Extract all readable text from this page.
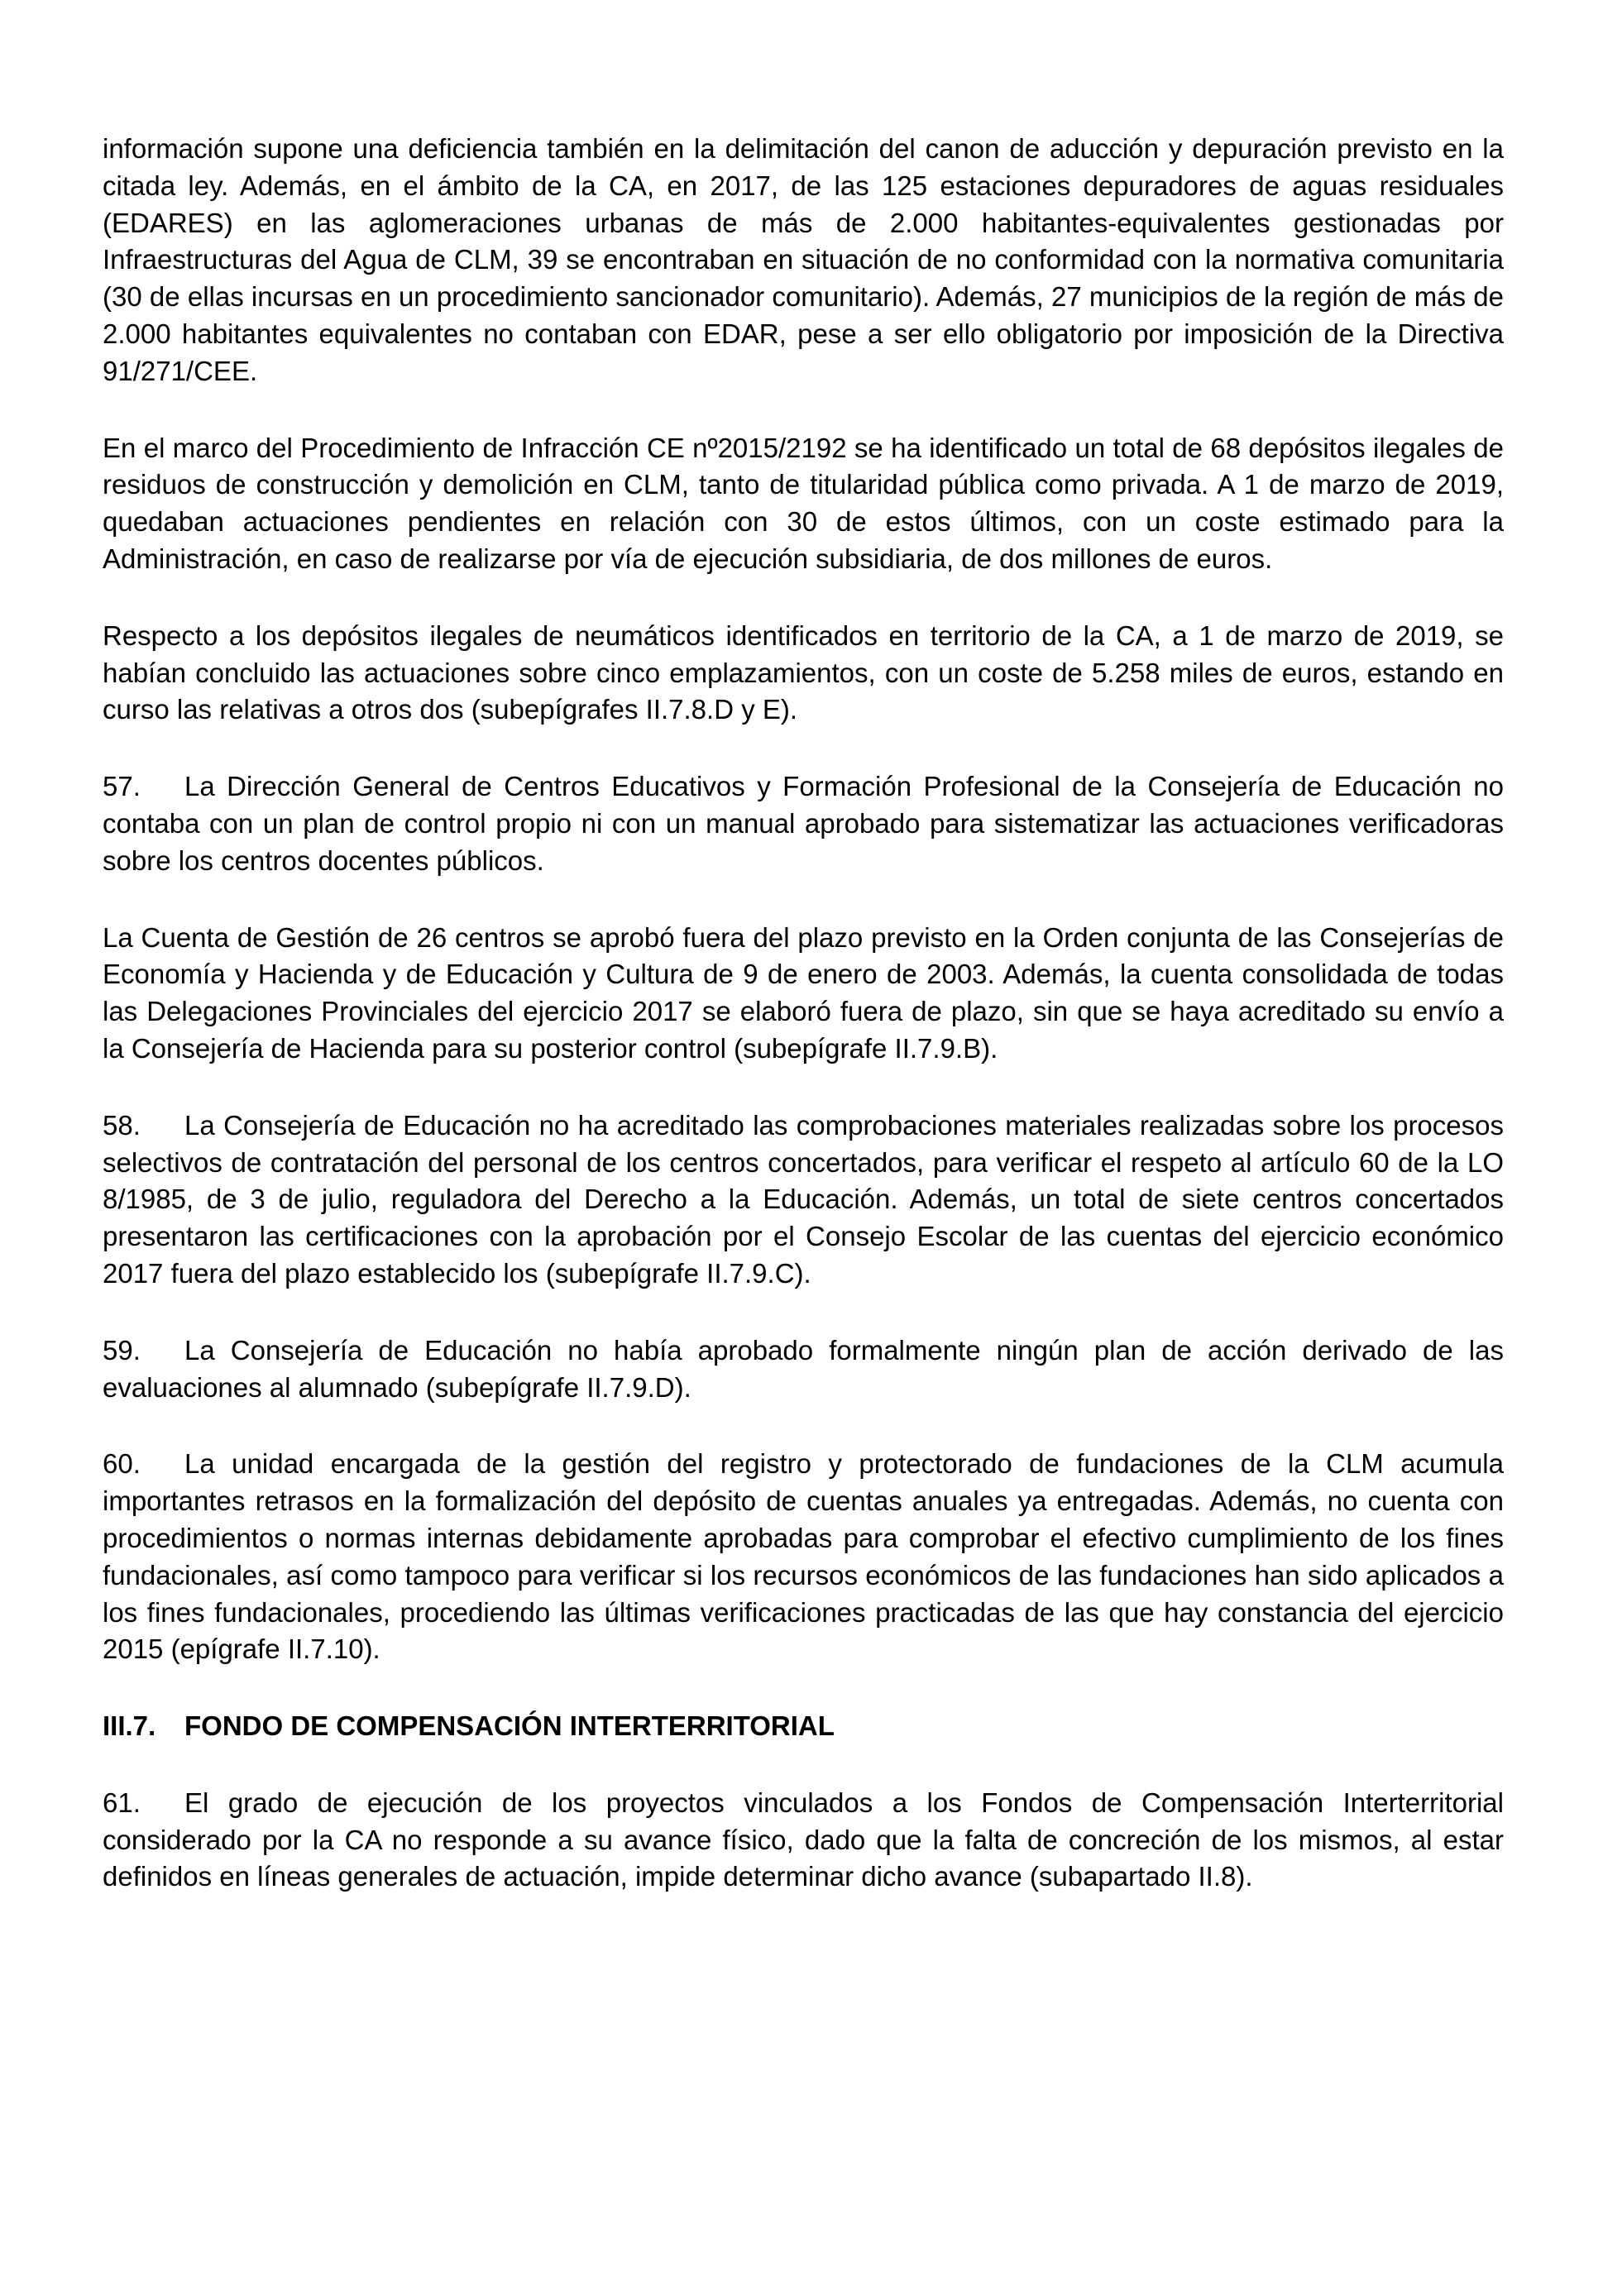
información supone una deficiencia también en la delimitación del canon de aducción y depuración previsto en la citada ley. Además, en el ámbito de la CA, en 2017, de las 125 estaciones depuradores de aguas residuales (EDARES) en las aglomeraciones urbanas de más de 2.000 habitantes-equivalentes gestionadas por Infraestructuras del Agua de CLM, 39 se encontraban en situación de no conformidad con la normativa comunitaria (30 de ellas incursas en un procedimiento sancionador comunitario). Además, 27 municipios de la región de más de 2.000 habitantes equivalentes no contaban con EDAR, pese a ser ello obligatorio por imposición de la Directiva 91/271/CEE.

En el marco del Procedimiento de Infracción CE nº2015/2192 se ha identificado un total de 68 depósitos ilegales de residuos de construcción y demolición en CLM, tanto de titularidad pública como privada. A 1 de marzo de 2019, quedaban actuaciones pendientes en relación con 30 de estos últimos, con un coste estimado para la Administración, en caso de realizarse por vía de ejecución subsidiaria, de dos millones de euros.

Respecto a los depósitos ilegales de neumáticos identificados en territorio de la CA, a 1 de marzo de 2019, se habían concluido las actuaciones sobre cinco emplazamientos, con un coste de 5.258 miles de euros, estando en curso las relativas a otros dos (subepígrafes II.7.8.D y E).

57. La Dirección General de Centros Educativos y Formación Profesional de la Consejería de Educación no contaba con un plan de control propio ni con un manual aprobado para sistematizar las actuaciones verificadoras sobre los centros docentes públicos.

La Cuenta de Gestión de 26 centros se aprobó fuera del plazo previsto en la Orden conjunta de las Consejerías de Economía y Hacienda y de Educación y Cultura de 9 de enero de 2003. Además, la cuenta consolidada de todas las Delegaciones Provinciales del ejercicio 2017 se elaboró fuera de plazo, sin que se haya acreditado su envío a la Consejería de Hacienda para su posterior control (subepígrafe II.7.9.B).

58. La Consejería de Educación no ha acreditado las comprobaciones materiales realizadas sobre los procesos selectivos de contratación del personal de los centros concertados, para verificar el respeto al artículo 60 de la LO 8/1985, de 3 de julio, reguladora del Derecho a la Educación. Además, un total de siete centros concertados presentaron las certificaciones con la aprobación por el Consejo Escolar de las cuentas del ejercicio económico 2017 fuera del plazo establecido los (subepígrafe II.7.9.C).

59. La Consejería de Educación no había aprobado formalmente ningún plan de acción derivado de las evaluaciones al alumnado (subepígrafe II.7.9.D).

60. La unidad encargada de la gestión del registro y protectorado de fundaciones de la CLM acumula importantes retrasos en la formalización del depósito de cuentas anuales ya entregadas. Además, no cuenta con procedimientos o normas internas debidamente aprobadas para comprobar el efectivo cumplimiento de los fines fundacionales, así como tampoco para verificar si los recursos económicos de las fundaciones han sido aplicados a los fines fundacionales, procediendo las últimas verificaciones practicadas de las que hay constancia del ejercicio 2015 (epígrafe II.7.10).

III.7. FONDO DE COMPENSACIÓN INTERTERRITORIAL

61. El grado de ejecución de los proyectos vinculados a los Fondos de Compensación Interterritorial considerado por la CA no responde a su avance físico, dado que la falta de concreción de los mismos, al estar definidos en líneas generales de actuación, impide determinar dicho avance (subapartado II.8).
